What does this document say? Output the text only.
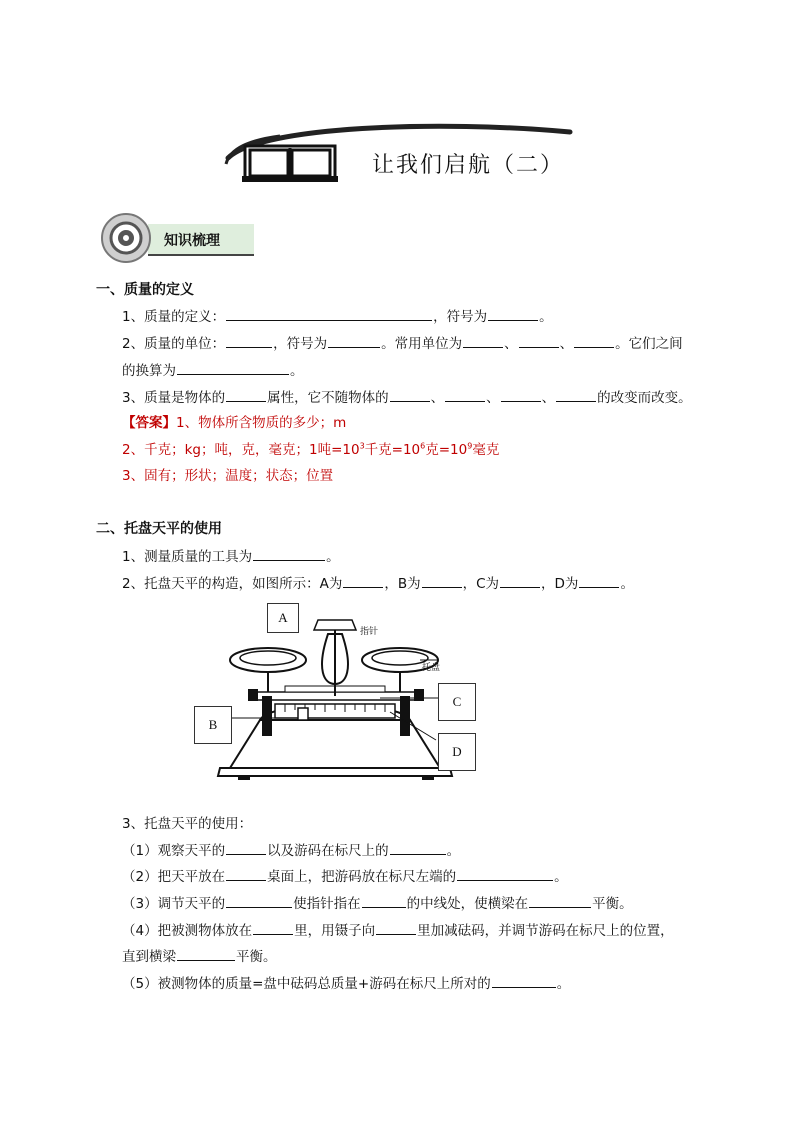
让我们启航（二）
知识梳理
一、质量的定义
1、质量的定义：	，符号为	。
2、质量的单位：	，符号为	。常用单位为	、	、	。它们之间
的换算为	。
3、质量是物体的	属性，它不随物体的	、	、	、	的改变而改变。
【答案】1、物体所含物质的多少；m
2、千克；kg；吨，克，毫克；1吨$=10^3$千克$=10^6$克$=10^9$毫克
3、固有；形状；温度；状态；位置
二、托盘天平的使用
1、测量质量的工具为	。
2、托盘天平的构造，如图所示：A为	，B为	，C为	，D为	。
指针
托盘
A
B
C
D
3、托盘天平的使用：
（1）观察天平的	以及游码在标尺上的	。
（2）把天平放在	桌面上，把游码放在标尺左端的	。
（3）调节天平的	使指针指在	的中线处，使横梁在	平衡。
（4）把被测物体放在	里，用镊子向	里加减砝码，并调节游码在标尺上的位置，
直到横梁	平衡。
（5）被测物体的质量=盘中砝码总质量+游码在标尺上所对的	。
